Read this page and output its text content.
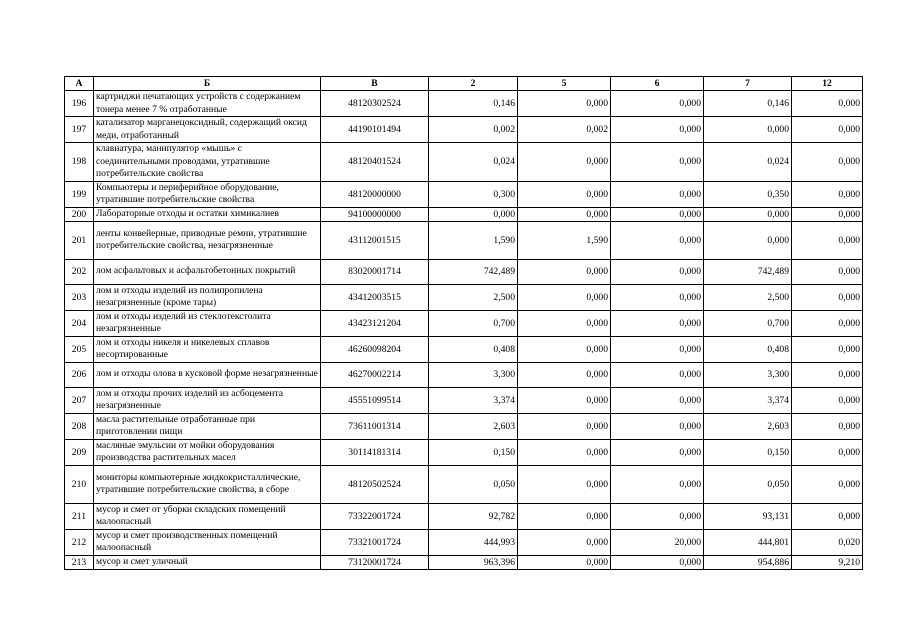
А	Б	В	2	5	6	7	12
196	картриджи печатающих устройств с содержанием тонера менее 7 % отработанные	48120302524	0,146	0,000	0,000	0,146	0,000
197	катализатор марганецоксидный, содержащий оксид меди, отработанный	44190101494	0,002	0,002	0,000	0,000	0,000
198	клавиатура, манипулятор «мышь» с соединительными проводами, утратившие потребительские свойства	48120401524	0,024	0,000	0,000	0,024	0,000
199	Компьютеры и периферийное оборудование, утратившие потребительские свойства	48120000000	0,300	0,000	0,000	0,350	0,000
200	Лабораторные отходы и остатки химикалиев	94100000000	0,000	0,000	0,000	0,000	0,000
201	ленты конвейерные, приводные ремни, утратившие потребительские свойства, незагрязненные	43112001515	1,590	1,590	0,000	0,000	0,000
202	лом асфальтовых и асфальтобетонных покрытий	83020001714	742,489	0,000	0,000	742,489	0,000
203	лом и отходы изделий из полипропилена незагрязненные (кроме тары)	43412003515	2,500	0,000	0,000	2,500	0,000
204	лом и отходы изделий из стеклотекстолита незагрязненные	43423121204	0,700	0,000	0,000	0,700	0,000
205	лом и отходы никеля и никелевых сплавов несортированные	46260098204	0,408	0,000	0,000	0,408	0,000
206	лом и отходы олова в кусковой форме незагрязненные	46270002214	3,300	0,000	0,000	3,300	0,000
207	лом и отходы прочих изделий из асбоцемента незагрязненные	45551099514	3,374	0,000	0,000	3,374	0,000
208	масла растительные отработанные при приготовлении пищи	73611001314	2,603	0,000	0,000	2,603	0,000
209	масляные эмульсии от мойки оборудования производства растительных масел	30114181314	0,150	0,000	0,000	0,150	0,000
210	мониторы компьютерные жидкокристаллические, утратившие потребительские свойства, в сборе	48120502524	0,050	0,000	0,000	0,050	0,000
211	мусор и смет от уборки складских помещений малоопасный	73322001724	92,782	0,000	0,000	93,131	0,000
212	мусор и смет производственных помещений малоопасный	73321001724	444,993	0,000	20,000	444,801	0,020
213	мусор и смет уличный	73120001724	963,396	0,000	0,000	954,886	9,210
